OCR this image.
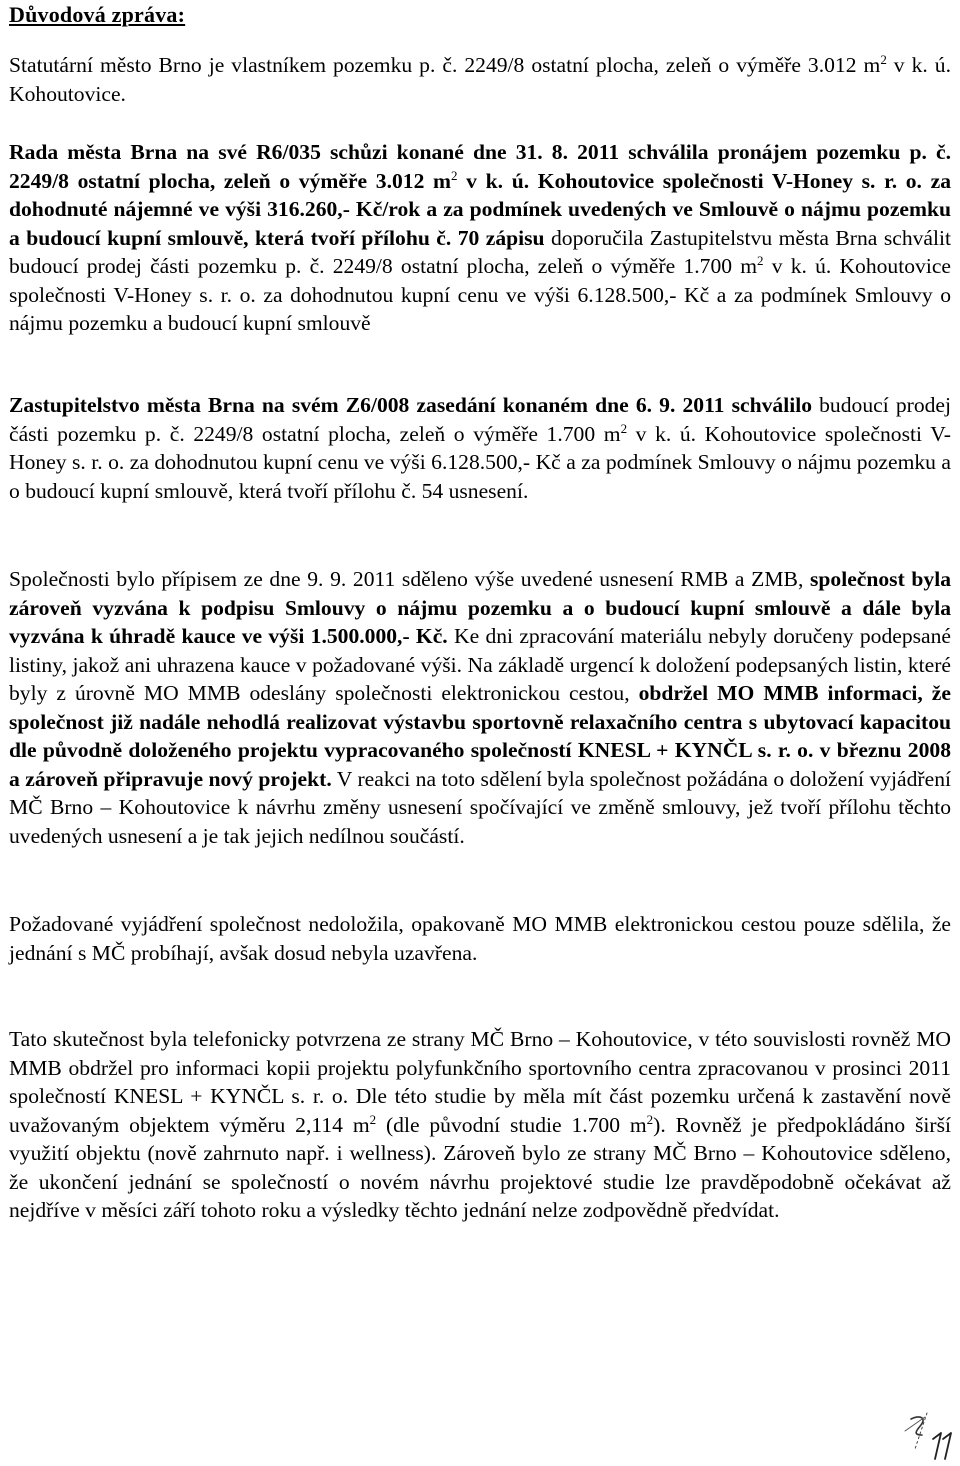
Důvodová zpráva:

Statutární město Brno je vlastníkem pozemku p. č. 2249/8 ostatní plocha, zeleň o výměře 3.012 $m^2$ v k. ú. Kohoutovice.

Rada města Brna na své R6/035 schůzi konané dne 31. 8. 2011 schválila pronájem pozemku p. č. 2249/8 ostatní plocha, zeleň o výměře 3.012 $m^2$ v k. ú. Kohoutovice společnosti V-Honey s. r. o. za dohodnuté nájemné ve výši 316.260,- Kč/rok a za podmínek uvedených ve Smlouvě o nájmu pozemku a budoucí kupní smlouvě, která tvoří přílohu č. 70 zápisu doporučila Zastupitelstvu města Brna schválit budoucí prodej části pozemku p. č. 2249/8 ostatní plocha, zeleň o výměře 1.700 $m^2$ v k. ú. Kohoutovice společnosti V-Honey s. r. o. za dohodnutou kupní cenu ve výši 6.128.500,- Kč a za podmínek Smlouvy o nájmu pozemku a budoucí kupní smlouvě

Zastupitelstvo města Brna na svém Z6/008 zasedání konaném dne 6. 9. 2011 schválilo budoucí prodej části pozemku p. č. 2249/8 ostatní plocha, zeleň o výměře 1.700 $m^2$ v k. ú. Kohoutovice společnosti V-Honey s. r. o. za dohodnutou kupní cenu ve výši 6.128.500,- Kč a za podmínek Smlouvy o nájmu pozemku a o budoucí kupní smlouvě, která tvoří přílohu č. 54 usnesení.

Společnosti bylo přípisem ze dne 9. 9. 2011 sděleno výše uvedené usnesení RMB a ZMB, společnost byla zároveň vyzvána k podpisu Smlouvy o nájmu pozemku a o budoucí kupní smlouvě a dále byla vyzvána k úhradě kauce ve výši 1.500.000,- Kč. Ke dni zpracování materiálu nebyly doručeny podepsané listiny, jakož ani uhrazena kauce v požadované výši. Na základě urgencí k doložení podepsaných listin, které byly z úrovně MO MMB odeslány společnosti elektronickou cestou, obdržel MO MMB informaci, že společnost již nadále nehodlá realizovat výstavbu sportovně relaxačního centra s ubytovací kapacitou dle původně doloženého projektu vypracovaného společností KNESL + KYNČL s. r. o. v březnu 2008 a zároveň připravuje nový projekt. V reakci na toto sdělení byla společnost požádána o doložení vyjádření MČ Brno – Kohoutovice k návrhu změny usnesení spočívající ve změně smlouvy, jež tvoří přílohu těchto uvedených usnesení a je tak jejich nedílnou součástí.

Požadované vyjádření společnost nedoložila, opakovaně MO MMB elektronickou cestou pouze sdělila, že jednání s MČ probíhají, avšak dosud nebyla uzavřena.

Tato skutečnost byla telefonicky potvrzena ze strany MČ Brno – Kohoutovice, v této souvislosti rovněž MO MMB obdržel pro informaci kopii projektu polyfunkčního sportovního centra zpracovanou v prosinci 2011 společností KNESL + KYNČL s. r. o. Dle této studie by měla mít část pozemku určená k zastavění nově uvažovaným objektem výměru 2,114 $m^2$ (dle původní studie 1.700 $m^2$). Rovněž je předpokládáno širší využití objektu (nově zahrnuto např. i wellness). Zároveň bylo ze strany MČ Brno – Kohoutovice sděleno, že ukončení jednání se společností o novém návrhu projektové studie lze pravděpodobně očekávat až nejdříve v měsíci září tohoto roku a výsledky těchto jednání nelze zodpovědně předvídat.
